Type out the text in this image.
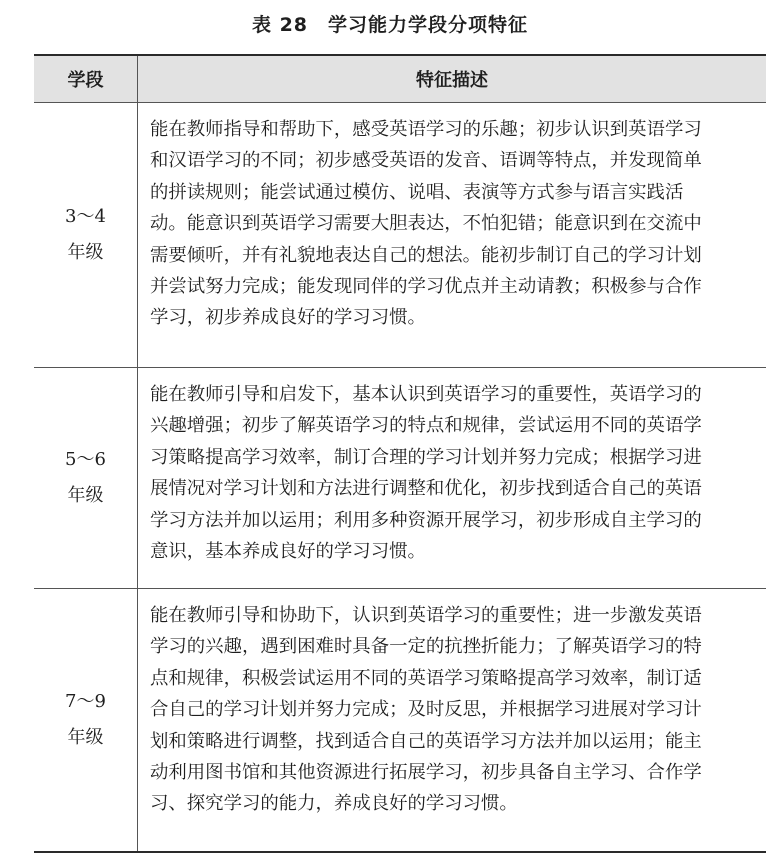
表 28　学习能力学段分项特征
学段	特征描述
3～4
年级
能在教师指导和帮助下，感受英语学习的乐趣；初步认识到英语学习
和汉语学习的不同；初步感受英语的发音、语调等特点，并发现简单
的拼读规则；能尝试通过模仿、说唱、表演等方式参与语言实践活
动。能意识到英语学习需要大胆表达，不怕犯错；能意识到在交流中
需要倾听，并有礼貌地表达自己的想法。能初步制订自己的学习计划
并尝试努力完成；能发现同伴的学习优点并主动请教；积极参与合作
学习，初步养成良好的学习习惯。
5～6
年级
能在教师引导和启发下，基本认识到英语学习的重要性，英语学习的
兴趣增强；初步了解英语学习的特点和规律，尝试运用不同的英语学
习策略提高学习效率，制订合理的学习计划并努力完成；根据学习进
展情况对学习计划和方法进行调整和优化，初步找到适合自己的英语
学习方法并加以运用；利用多种资源开展学习，初步形成自主学习的
意识，基本养成良好的学习习惯。
7～9
年级
能在教师引导和协助下，认识到英语学习的重要性；进一步激发英语
学习的兴趣，遇到困难时具备一定的抗挫折能力；了解英语学习的特
点和规律，积极尝试运用不同的英语学习策略提高学习效率，制订适
合自己的学习计划并努力完成；及时反思，并根据学习进展对学习计
划和策略进行调整，找到适合自己的英语学习方法并加以运用；能主
动利用图书馆和其他资源进行拓展学习，初步具备自主学习、合作学
习、探究学习的能力，养成良好的学习习惯。
